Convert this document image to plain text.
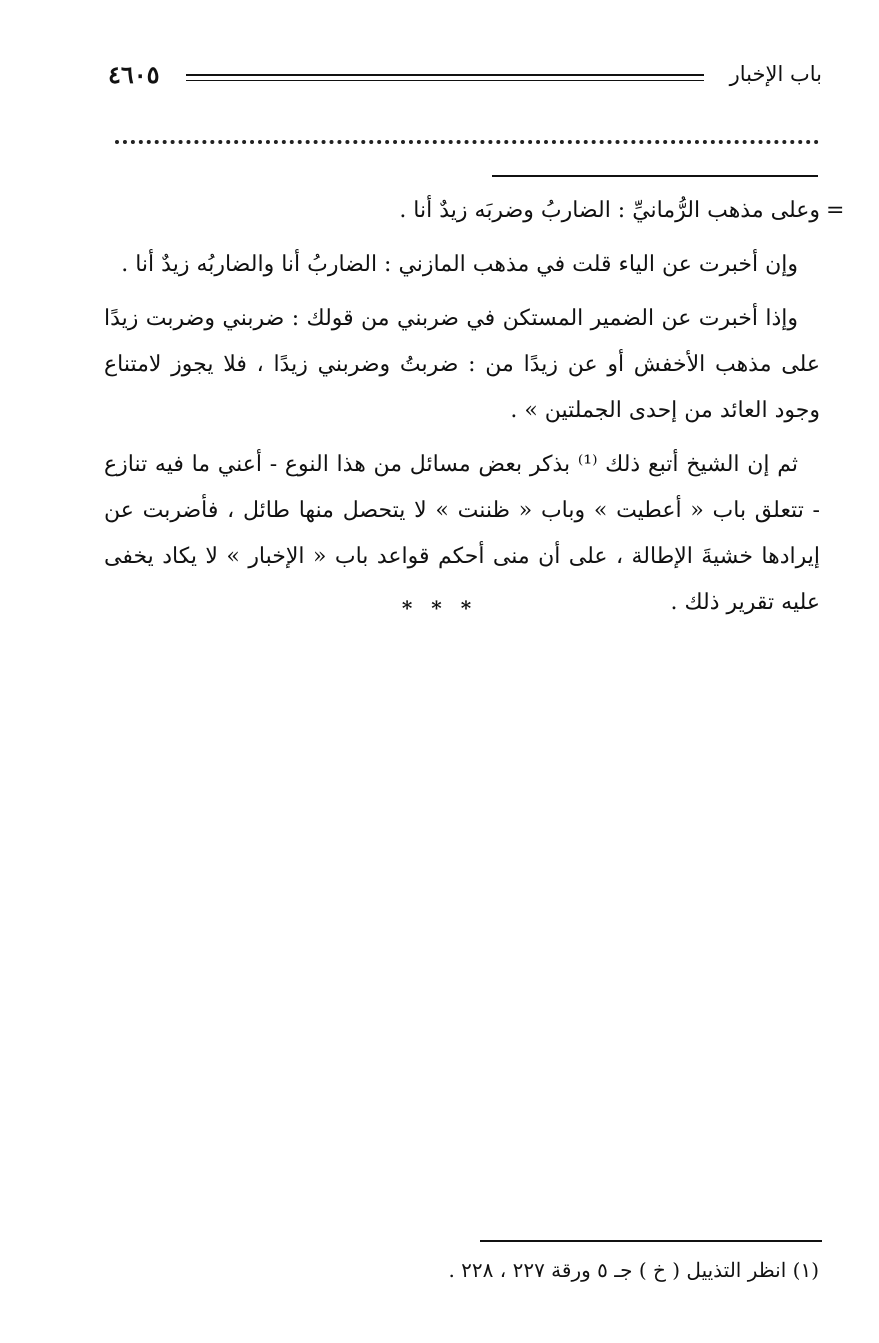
٤٦٠٥	باب الإخبار
=

وعلى مذهب الرُّمانيِّ : الضاربُ وضربَه زيدٌ أنا .

وإن أخبرت عن الياء قلت في مذهب المازني : الضاربُ أنا والضاربُه زيدٌ أنا .

وإذا أخبرت عن الضمير المستكن في ضربني من قولك : ضربني وضربت زيدًا على مذهب الأخفش أو عن زيدًا من : ضربتُ وضربني زيدًا ، فلا يجوز لامتناع وجود العائد من إحدى الجملتين » .

ثم إن الشيخ أتبع ذلك ⁽¹⁾ بذكر بعض مسائل من هذا النوع - أعني ما فيه تنازع - تتعلق باب « أعطيت » وباب « ظننت » لا يتحصل منها طائل ، فأضربت عن إيرادها خشيةَ الإطالة ، على أن منى أحكم قواعد باب « الإخبار » لا يكاد يخفى عليه تقرير ذلك .

* * *
(١) انظر التذييل ( خ ) جـ ٥ ورقة ٢٢٧ ، ٢٢٨ .
